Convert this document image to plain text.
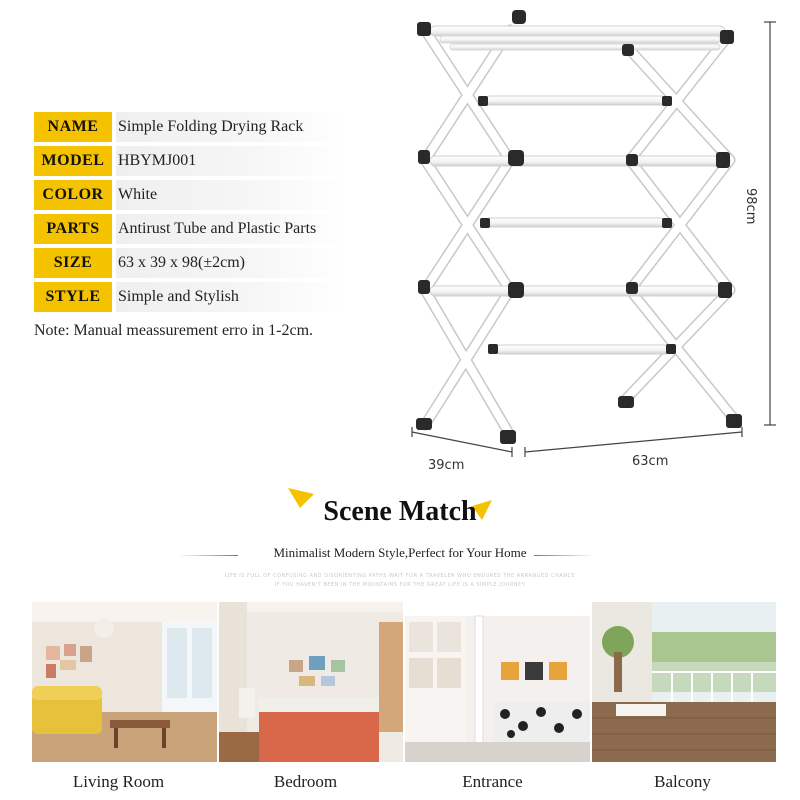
NAME	Simple Folding Drying Rack
MODEL HBYMJ001
COLOR White
PARTS	Antirust Tube and Plastic Parts
SIZE	63 x 39 x 98(±2cm)
STYLE	Simple and Stylish
Note: Manual meassurement erro in 1-2cm.
98cm
39cm	63cm
Scene Match
Minimalist Modern Style,Perfect for Your Home
LIFE IS FULL OF CONFUSING AND DISORIENTING PATHS WAIT FOR A TRAVELER WHO ENDURES THE ARRANGED CHANCE
IF YOU HAVEN'T BEEN IN THE MOUNTAINS FOR THE GREAT LIFE IS A SIMPLE JOURNEY
Living Room	Bedroom	Entrance	Balcony
